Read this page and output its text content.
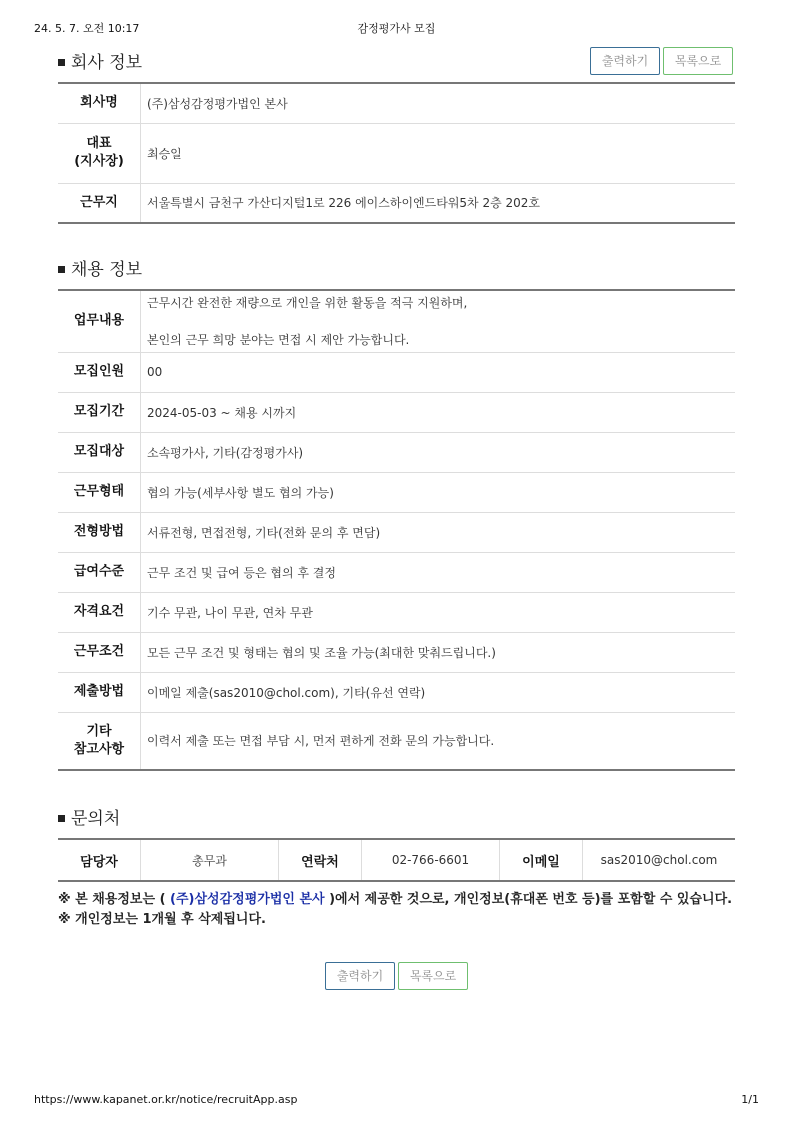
24. 5. 7. 오전 10:17	감정평가사 모집
회사 정보	출력하기	목록으로
회사명	(주)삼성감정평가법인 본사
대표
(지사장)	최승일
근무지	서울특별시 금천구 가산디지털1로 226 에이스하이엔드타워5차 2층 202호
채용 정보
업무내용	근무시간 완전한 재량으로 개인을 위한 활동을 적극 지원하며,
본인의 근무 희망 분야는 면접 시 제안 가능합니다.

모집인원	00
모집기간	2024-05-03 ~ 채용 시까지
모집대상	소속평가사, 기타(감정평가사)
근무형태	협의 가능(세부사항 별도 협의 가능)
전형방법	서류전형, 면접전형, 기타(전화 문의 후 면담)
급여수준	근무 조건 및 급여 등은 협의 후 결정
자격요건	기수 무관, 나이 무관, 연차 무관
근무조건	모든 근무 조건 및 형태는 협의 및 조율 가능(최대한 맞춰드립니다.)
제출방법	이메일 제출(sas2010@chol.com), 기타(유선 연락)
기타
참고사항	이력서 제출 또는 면접 부담 시, 먼저 편하게 전화 문의 가능합니다.
문의처
담당자	총무과	연락처	02-766-6601	이메일	sas2010@chol.com

※ 본 채용정보는 ( (주)삼성감정평가법인 본사 )에서 제공한 것으로, 개인정보(휴대폰 번호 등)를 포함할 수 있습니다.

※ 개인정보는 1개월 후 삭제됩니다.

출력하기	목록으로
https://www.kapanet.or.kr/notice/recruitApp.asp	1/1
